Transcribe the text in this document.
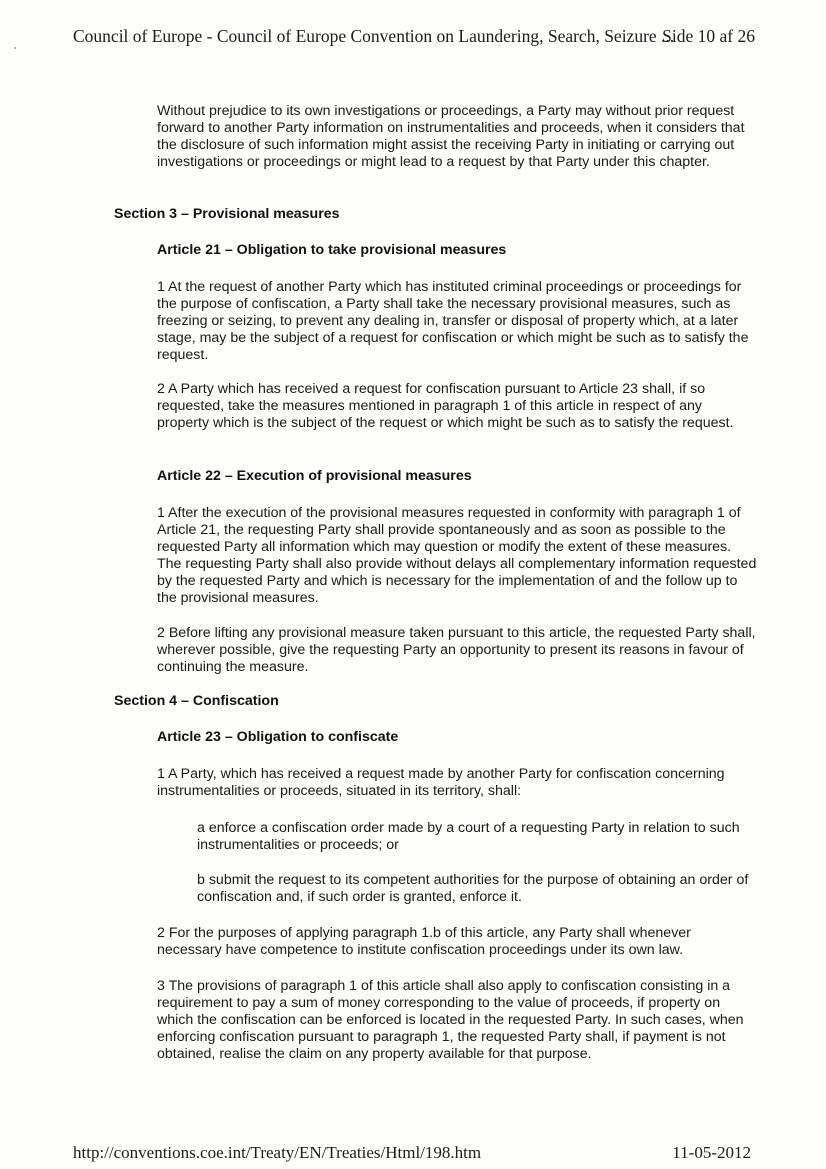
Council of Europe - Council of Europe Convention on Laundering, Search, Seizure ...
Side 10 af 26
Without prejudice to its own investigations or proceedings, a Party may without prior request forward to another Party information on instrumentalities and proceeds, when it considers that the disclosure of such information might assist the receiving Party in initiating or carrying out investigations or proceedings or might lead to a request by that Party under this chapter.
Section 3 – Provisional measures
Article 21 – Obligation to take provisional measures
1 At the request of another Party which has instituted criminal proceedings or proceedings for the purpose of confiscation, a Party shall take the necessary provisional measures, such as freezing or seizing, to prevent any dealing in, transfer or disposal of property which, at a later stage, may be the subject of a request for confiscation or which might be such as to satisfy the request.
2 A Party which has received a request for confiscation pursuant to Article 23 shall, if so requested, take the measures mentioned in paragraph 1 of this article in respect of any property which is the subject of the request or which might be such as to satisfy the request.
Article 22 – Execution of provisional measures
1 After the execution of the provisional measures requested in conformity with paragraph 1 of Article 21, the requesting Party shall provide spontaneously and as soon as possible to the requested Party all information which may question or modify the extent of these measures. The requesting Party shall also provide without delays all complementary information requested by the requested Party and which is necessary for the implementation of and the follow up to the provisional measures.
2 Before lifting any provisional measure taken pursuant to this article, the requested Party shall, wherever possible, give the requesting Party an opportunity to present its reasons in favour of continuing the measure.
Section 4 – Confiscation
Article 23 – Obligation to confiscate
1 A Party, which has received a request made by another Party for confiscation concerning instrumentalities or proceeds, situated in its territory, shall:
a enforce a confiscation order made by a court of a requesting Party in relation to such instrumentalities or proceeds; or
b submit the request to its competent authorities for the purpose of obtaining an order of confiscation and, if such order is granted, enforce it.
2 For the purposes of applying paragraph 1.b of this article, any Party shall whenever necessary have competence to institute confiscation proceedings under its own law.
3 The provisions of paragraph 1 of this article shall also apply to confiscation consisting in a requirement to pay a sum of money corresponding to the value of proceeds, if property on which the confiscation can be enforced is located in the requested Party. In such cases, when enforcing confiscation pursuant to paragraph 1, the requested Party shall, if payment is not obtained, realise the claim on any property available for that purpose.
http://conventions.coe.int/Treaty/EN/Treaties/Html/198.htm	11-05-2012
